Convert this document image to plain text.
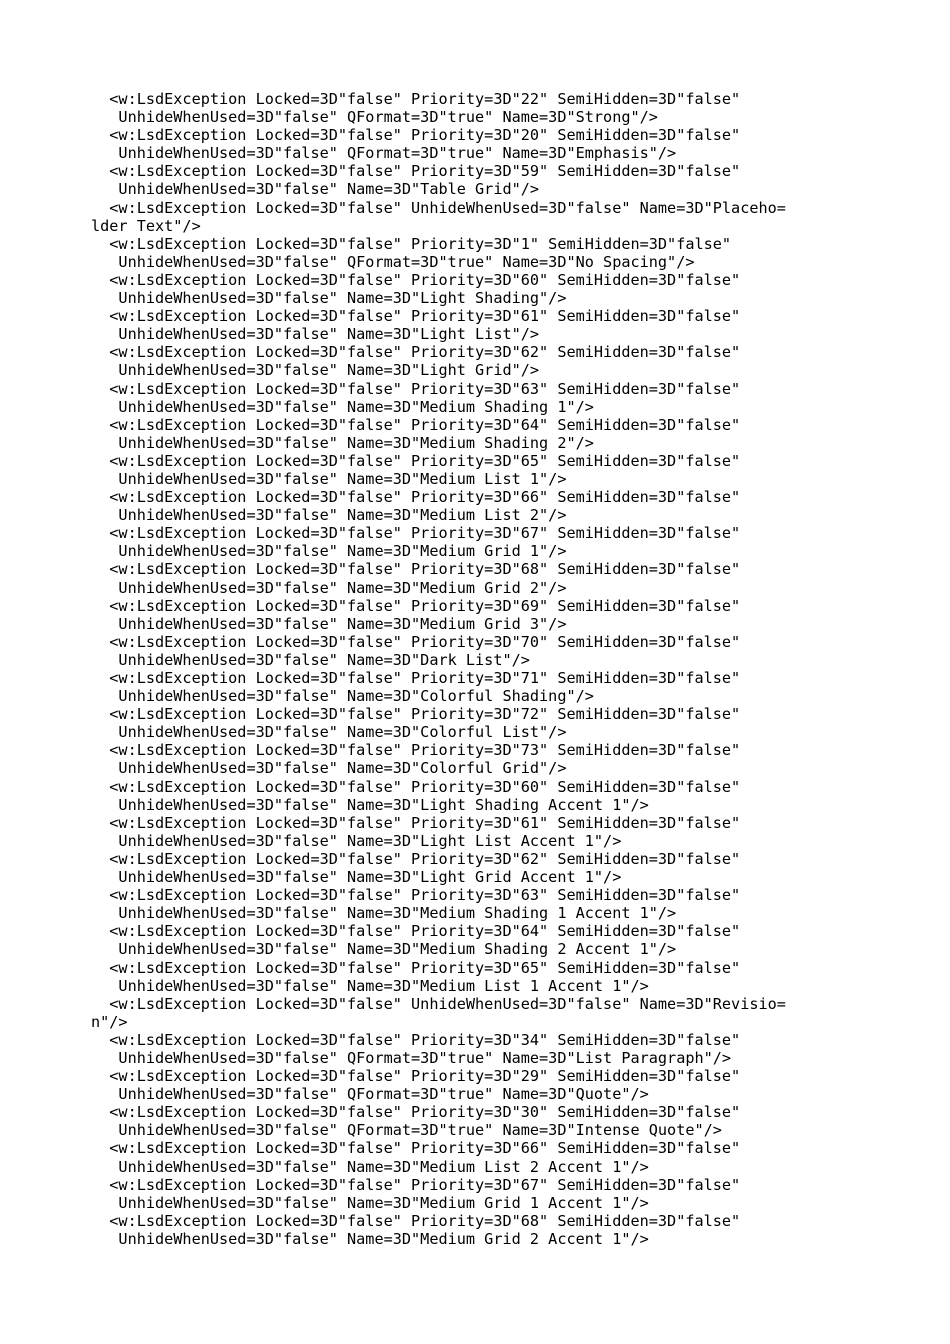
<w:LsdException Locked=3D"false" Priority=3D"22" SemiHidden=3D"false"
UnhideWhenUsed=3D"false" QFormat=3D"true" Name=3D"Strong"/>
<w:LsdException Locked=3D"false" Priority=3D"20" SemiHidden=3D"false"
UnhideWhenUsed=3D"false" QFormat=3D"true" Name=3D"Emphasis"/>
<w:LsdException Locked=3D"false" Priority=3D"59" SemiHidden=3D"false"
UnhideWhenUsed=3D"false" Name=3D"Table Grid"/>
<w:LsdException Locked=3D"false" UnhideWhenUsed=3D"false" Name=3D"Placeho=
lder Text"/>
<w:LsdException Locked=3D"false" Priority=3D"1" SemiHidden=3D"false"
UnhideWhenUsed=3D"false" QFormat=3D"true" Name=3D"No Spacing"/>
<w:LsdException Locked=3D"false" Priority=3D"60" SemiHidden=3D"false"
UnhideWhenUsed=3D"false" Name=3D"Light Shading"/>
<w:LsdException Locked=3D"false" Priority=3D"61" SemiHidden=3D"false"
UnhideWhenUsed=3D"false" Name=3D"Light List"/>
<w:LsdException Locked=3D"false" Priority=3D"62" SemiHidden=3D"false"
UnhideWhenUsed=3D"false" Name=3D"Light Grid"/>
<w:LsdException Locked=3D"false" Priority=3D"63" SemiHidden=3D"false"
UnhideWhenUsed=3D"false" Name=3D"Medium Shading 1"/>
<w:LsdException Locked=3D"false" Priority=3D"64" SemiHidden=3D"false"
UnhideWhenUsed=3D"false" Name=3D"Medium Shading 2"/>
<w:LsdException Locked=3D"false" Priority=3D"65" SemiHidden=3D"false"
UnhideWhenUsed=3D"false" Name=3D"Medium List 1"/>
<w:LsdException Locked=3D"false" Priority=3D"66" SemiHidden=3D"false"
UnhideWhenUsed=3D"false" Name=3D"Medium List 2"/>
<w:LsdException Locked=3D"false" Priority=3D"67" SemiHidden=3D"false"
UnhideWhenUsed=3D"false" Name=3D"Medium Grid 1"/>
<w:LsdException Locked=3D"false" Priority=3D"68" SemiHidden=3D"false"
UnhideWhenUsed=3D"false" Name=3D"Medium Grid 2"/>
<w:LsdException Locked=3D"false" Priority=3D"69" SemiHidden=3D"false"
UnhideWhenUsed=3D"false" Name=3D"Medium Grid 3"/>
<w:LsdException Locked=3D"false" Priority=3D"70" SemiHidden=3D"false"
UnhideWhenUsed=3D"false" Name=3D"Dark List"/>
<w:LsdException Locked=3D"false" Priority=3D"71" SemiHidden=3D"false"
UnhideWhenUsed=3D"false" Name=3D"Colorful Shading"/>
<w:LsdException Locked=3D"false" Priority=3D"72" SemiHidden=3D"false"
UnhideWhenUsed=3D"false" Name=3D"Colorful List"/>
<w:LsdException Locked=3D"false" Priority=3D"73" SemiHidden=3D"false"
UnhideWhenUsed=3D"false" Name=3D"Colorful Grid"/>
<w:LsdException Locked=3D"false" Priority=3D"60" SemiHidden=3D"false"
UnhideWhenUsed=3D"false" Name=3D"Light Shading Accent 1"/>
<w:LsdException Locked=3D"false" Priority=3D"61" SemiHidden=3D"false"
UnhideWhenUsed=3D"false" Name=3D"Light List Accent 1"/>
<w:LsdException Locked=3D"false" Priority=3D"62" SemiHidden=3D"false"
UnhideWhenUsed=3D"false" Name=3D"Light Grid Accent 1"/>
<w:LsdException Locked=3D"false" Priority=3D"63" SemiHidden=3D"false"
UnhideWhenUsed=3D"false" Name=3D"Medium Shading 1 Accent 1"/>
<w:LsdException Locked=3D"false" Priority=3D"64" SemiHidden=3D"false"
UnhideWhenUsed=3D"false" Name=3D"Medium Shading 2 Accent 1"/>
<w:LsdException Locked=3D"false" Priority=3D"65" SemiHidden=3D"false"
UnhideWhenUsed=3D"false" Name=3D"Medium List 1 Accent 1"/>
<w:LsdException Locked=3D"false" UnhideWhenUsed=3D"false" Name=3D"Revisio=
n"/>
<w:LsdException Locked=3D"false" Priority=3D"34" SemiHidden=3D"false"
UnhideWhenUsed=3D"false" QFormat=3D"true" Name=3D"List Paragraph"/>
<w:LsdException Locked=3D"false" Priority=3D"29" SemiHidden=3D"false"
UnhideWhenUsed=3D"false" QFormat=3D"true" Name=3D"Quote"/>
<w:LsdException Locked=3D"false" Priority=3D"30" SemiHidden=3D"false"
UnhideWhenUsed=3D"false" QFormat=3D"true" Name=3D"Intense Quote"/>
<w:LsdException Locked=3D"false" Priority=3D"66" SemiHidden=3D"false"
UnhideWhenUsed=3D"false" Name=3D"Medium List 2 Accent 1"/>
<w:LsdException Locked=3D"false" Priority=3D"67" SemiHidden=3D"false"
UnhideWhenUsed=3D"false" Name=3D"Medium Grid 1 Accent 1"/>
<w:LsdException Locked=3D"false" Priority=3D"68" SemiHidden=3D"false"
UnhideWhenUsed=3D"false" Name=3D"Medium Grid 2 Accent 1"/>
